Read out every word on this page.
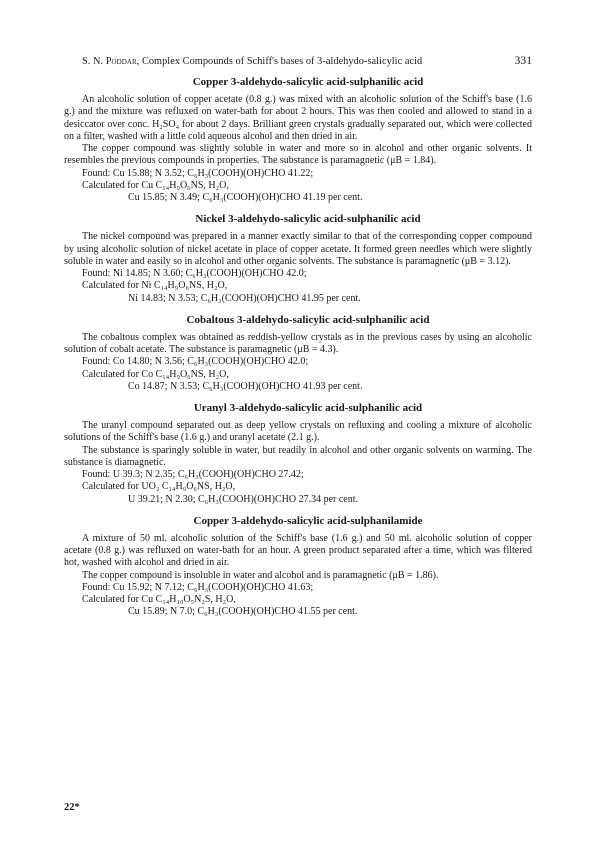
S. N. Poddar, Complex Compounds of Schiff's bases of 3-aldehydo-salicylic acid	331
Copper 3-aldehydo-salicylic acid-sulphanilic acid

An alcoholic solution of copper acetate (0.8 g.) was mixed with an alcoholic solution of the Schiff's base (1.6 g.) and the mixture was refluxed on water-bath for about 2 hours. This was then cooled and allowed to stand in a desiccator over conc. H₂SO₄ for about 2 days. Brilliant green crystals gradually separated out, which were collected on a filter, washed with a little cold aqueous alcohol and then dried in air.

The copper compound was slightly soluble in water and more so in alcohol and other organic solvents. It resembles the previous compounds in properties. The substance is paramagnetic (μB = 1.84).

Found: Cu 15.88; N 3.52; C₆H₃(COOH)(OH)CHO 41.22;
Calculated for Cu C₁₄H₉O₆NS, H₂O,
Cu 15.85; N 3.49; C₆H₃(COOH)(OH)CHO 41.19 per cent.
Nickel 3-aldehydo-salicylic acid-sulphanilic acid

The nickel compound was prepared in a manner exactly similar to that of the corresponding copper compound by using alcoholic solution of nickel acetate in place of copper acetate. It formed green needles which were slightly soluble in water and easily so in alcohol and other organic solvents. The substance is paramagnetic (μB = 3.12).

Found: Ni 14.85; N 3.60; C₆H₃(COOH)(OH)CHO 42.0;
Calculated for Ni C₁₄H₉O₆NS, H₂O,
Ni 14.83; N 3.53; C₆H₃(COOH)(OH)CHO 41.95 per cent.
Cobaltous 3-aldehydo-salicylic acid-sulphanilic acid

The cobaltous complex was obtained as reddish-yellow crystals as in the previous cases by using an alcoholic solution of cobalt acetate. The substance is paramagnetic (μB = 4.3).

Found: Co 14.80; N 3.56; C₆H₃(COOH)(OH)CHO 42.0;
Calculated for Co C₁₄H₉O₆NS, H₂O,
Co 14.87; N 3.53; C₆H₃(COOH)(OH)CHO 41.93 per cent.
Uranyl 3-aldehydo-salicylic acid-sulphanilic acid

The uranyl compound separated out as deep yellow crystals on refluxing and cooling a mixture of alcoholic solutions of the Schiff's base (1.6 g.) and uranyl acetate (2.1 g.).

The substance is sparingly soluble in water, but readily in alcohol and other organic solvents on warming. The substance is diamagnetic.

Found: U 39.3; N 2.35; C₆H₃(COOH)(OH)CHO 27.42;
Calculated for UO₂ C₁₄H₉O₆NS, H₂O,
U 39.21; N 2.30; C₆H₃(COOH)(OH)CHO 27.34 per cent.
Copper 3-aldehydo-salicylic acid-sulphanilamide

A mixture of 50 ml. alcoholic solution of the Schiff's base (1.6 g.) and 50 ml. alcoholic solution of copper acetate (0.8 g.) was refluxed on water-bath for an hour. A green product separated after a time, which was filtered hot, washed with alcohol and dried in air.

The copper compound is insoluble in water and alcohol and is paramagnetic (μB = 1.86).

Found: Cu 15.92; N 7.12; C₆H₃(COOH)(OH)CHO 41.63;
Calculated for Cu C₁₄H₁₀O₅N₂S, H₂O,
Cu 15.89; N 7.0; C₆H₃(COOH)(OH)CHO 41.55 per cent.
22*
